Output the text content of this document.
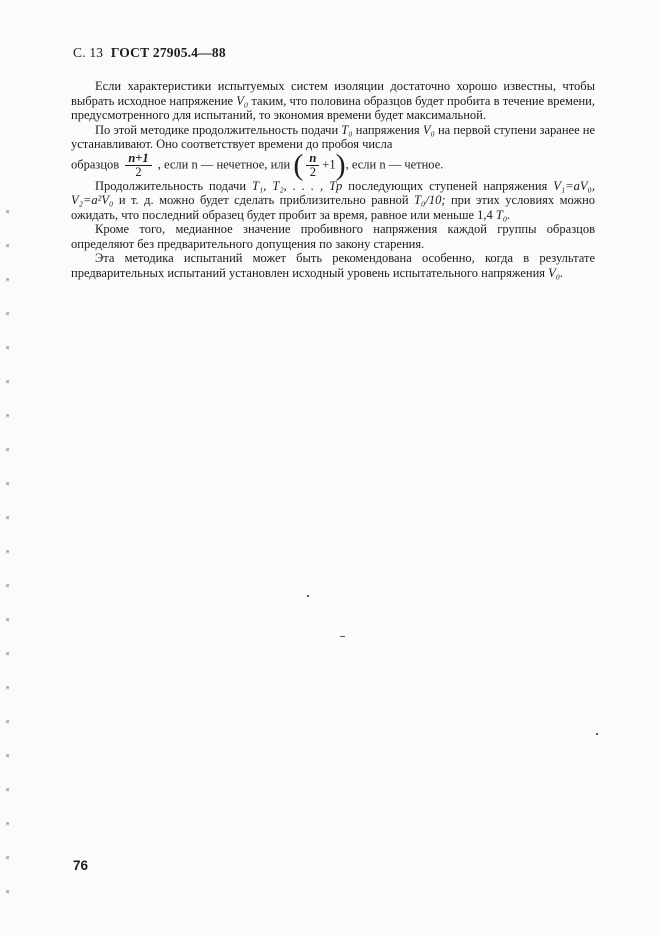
С. 13 ГОСТ 27905.4—88

Если характеристики испытуемых систем изоляции достаточно хорошо известны, чтобы выбрать исходное напряжение V₀ таким, что половина образцов будет пробита в течение времени, предусмотренного для испытаний, то экономия времени будет максимальной.

По этой методике продолжительность подачи T₀ напряжения V₀ на первой ступени заранее не устанавливают. Оно соответствует времени до пробоя числа

образцов $\frac{n+1}{2}$ , если n — нечетное, или ( $\frac{n}{2} +1$), если n — четное.

Продолжительность подачи T₁, T₂, . . . , Tp последующих ступеней напряжения V₁=aV₀, V₂=a²V₀ и т. д. можно будет сделать приблизительно равной T₀/10; при этих условиях можно ожидать, что последний образец будет пробит за время, равное или меньше 1,4 T₀.

Кроме того, медианное значение пробивного напряжения каждой группы образцов определяют без предварительного допущения по закону старения.

Эта методика испытаний может быть рекомендована особенно, когда в результате предварительных испытаний установлен исходный уровень испытательного напряжения V₀.

76
